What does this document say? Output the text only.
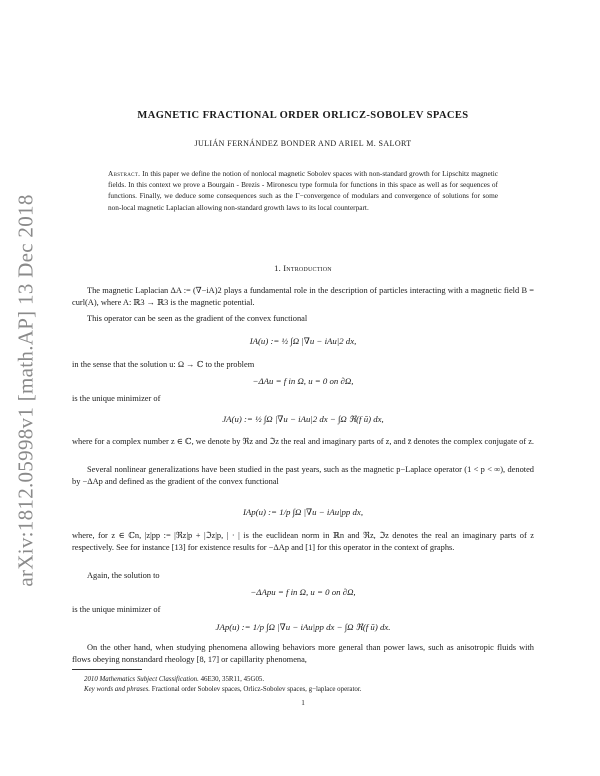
arXiv:1812.05998v1 [math.AP] 13 Dec 2018
MAGNETIC FRACTIONAL ORDER ORLICZ-SOBOLEV SPACES
JULIÁN FERNÁNDEZ BONDER AND ARIEL M. SALORT
Abstract. In this paper we define the notion of nonlocal magnetic Sobolev spaces with non-standard growth for Lipschitz magnetic fields. In this context we prove a Bourgain - Brezis - Mironescu type formula for functions in this space as well as for sequences of functions. Finally, we deduce some consequences such as the Γ−convergence of modulars and convergence of solutions for some non-local magnetic Laplacian allowing non-standard growth laws to its local counterpart.
1. Introduction
The magnetic Laplacian ΔA := (∇−iA)2 plays a fundamental role in the description of particles interacting with a magnetic field B = curl(A), where A: ℝ3 → ℝ3 is the magnetic potential.
This operator can be seen as the gradient of the convex functional
IA(u) := ½ ∫Ω |∇u − iAu|2 dx,
in the sense that the solution u: Ω → ℂ to the problem
−ΔAu = f in Ω, u = 0 on ∂Ω,
is the unique minimizer of
JA(u) := ½ ∫Ω |∇u − iAu|2 dx − ∫Ω ℜ(f ū) dx,
where for a complex number z ∈ ℂ, we denote by ℜz and ℑz the real and imaginary parts of z, and z̄ denotes the complex conjugate of z.
Several nonlinear generalizations have been studied in the past years, such as the magnetic p−Laplace operator (1 < p < ∞), denoted by −ΔAp and defined as the gradient of the convex functional
IAp(u) := 1/p ∫Ω |∇u − iAu|pp dx,
where, for z ∈ ℂn, |z|pp := |ℜz|p + |ℑz|p, | · | is the euclidean norm in ℝn and ℜz, ℑz denotes the real an imaginary parts of z respectively. See for instance [13] for existence results for −ΔAp and [1] for this operator in the context of graphs.
Again, the solution to
−ΔApu = f in Ω, u = 0 on ∂Ω,
is the unique minimizer of
JAp(u) := 1/p ∫Ω |∇u − iAu|pp dx − ∫Ω ℜ(f ū) dx.
On the other hand, when studying phenomena allowing behaviors more general than power laws, such as anisotropic fluids with flows obeying nonstandard rheology [8, 17] or capillarity phenomena,
2010 Mathematics Subject Classification. 46E30, 35R11, 45G05.
Key words and phrases. Fractional order Sobolev spaces, Orlicz-Sobolev spaces, g−laplace operator.
1
